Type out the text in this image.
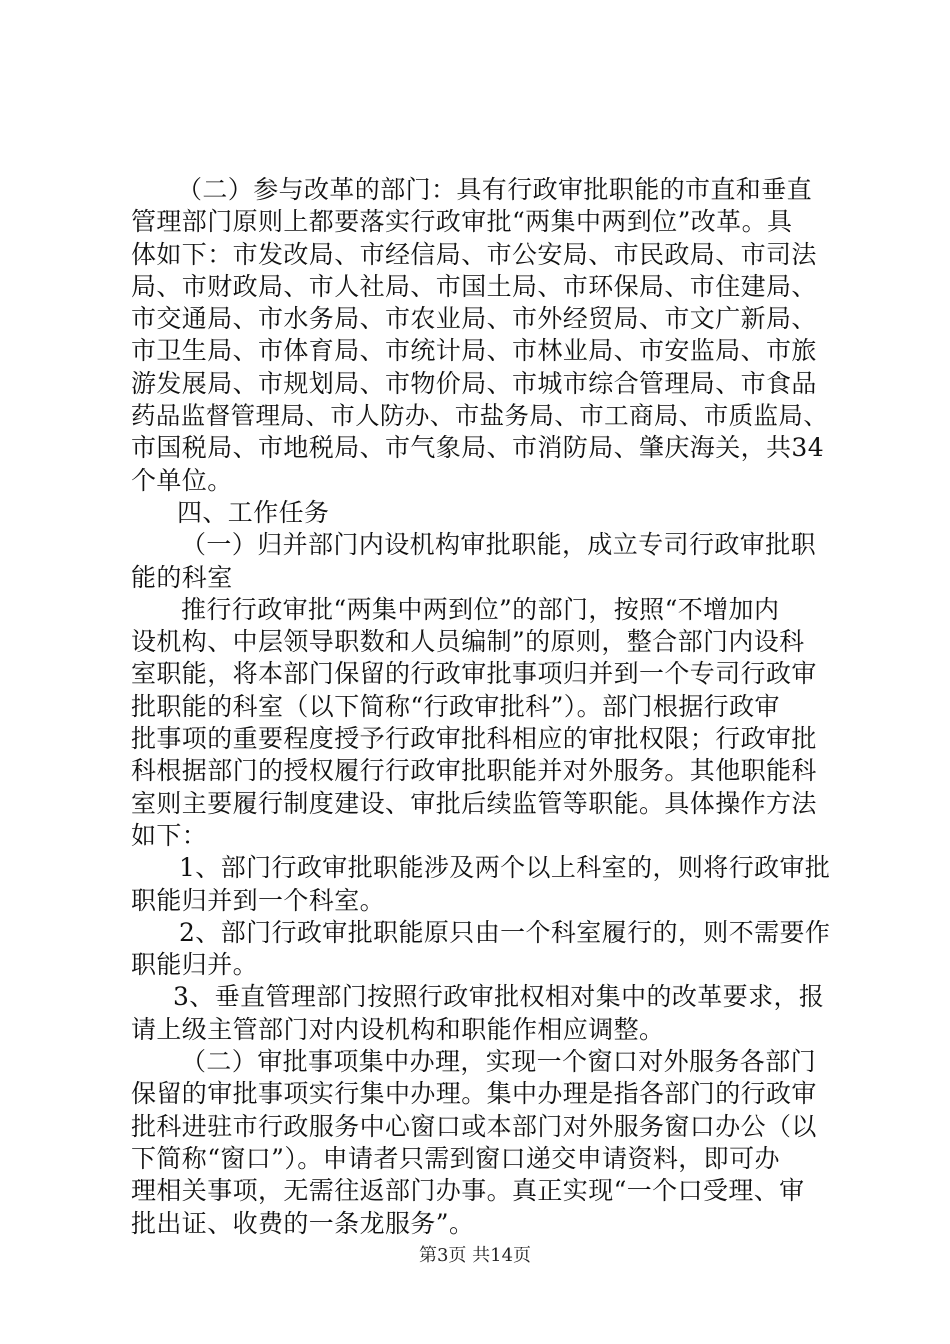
（二）参与改革的部门：具有行政审批职能的市直和垂直
管理部门原则上都要落实行政审批“两集中两到位”改革。具
体如下：市发改局、市经信局、市公安局、市民政局、市司法
局、市财政局、市人社局、市国土局、市环保局、市住建局、
市交通局、市水务局、市农业局、市外经贸局、市文广新局、
市卫生局、市体育局、市统计局、市林业局、市安监局、市旅
游发展局、市规划局、市物价局、市城市综合管理局、市食品
药品监督管理局、市人防办、市盐务局、市工商局、市质监局、
市国税局、市地税局、市气象局、市消防局、肇庆海关，共34
个单位。
四、工作任务
（一）归并部门内设机构审批职能，成立专司行政审批职
能的科室
推行行政审批“两集中两到位”的部门，按照“不增加内
设机构、中层领导职数和人员编制”的原则，整合部门内设科
室职能，将本部门保留的行政审批事项归并到一个专司行政审
批职能的科室（以下简称“行政审批科”）。部门根据行政审
批事项的重要程度授予行政审批科相应的审批权限；行政审批
科根据部门的授权履行行政审批职能并对外服务。其他职能科
室则主要履行制度建设、审批后续监管等职能。具体操作方法
如下：
1、部门行政审批职能涉及两个以上科室的，则将行政审批
职能归并到一个科室。
2、部门行政审批职能原只由一个科室履行的，则不需要作
职能归并。
3、垂直管理部门按照行政审批权相对集中的改革要求，报
请上级主管部门对内设机构和职能作相应调整。
（二）审批事项集中办理，实现一个窗口对外服务各部门
保留的审批事项实行集中办理。集中办理是指各部门的行政审
批科进驻市行政服务中心窗口或本部门对外服务窗口办公（以
下简称“窗口”）。申请者只需到窗口递交申请资料，即可办
理相关事项，无需往返部门办事。真正实现“一个口受理、审
批出证、收费的一条龙服务”。
第3页 共14页
